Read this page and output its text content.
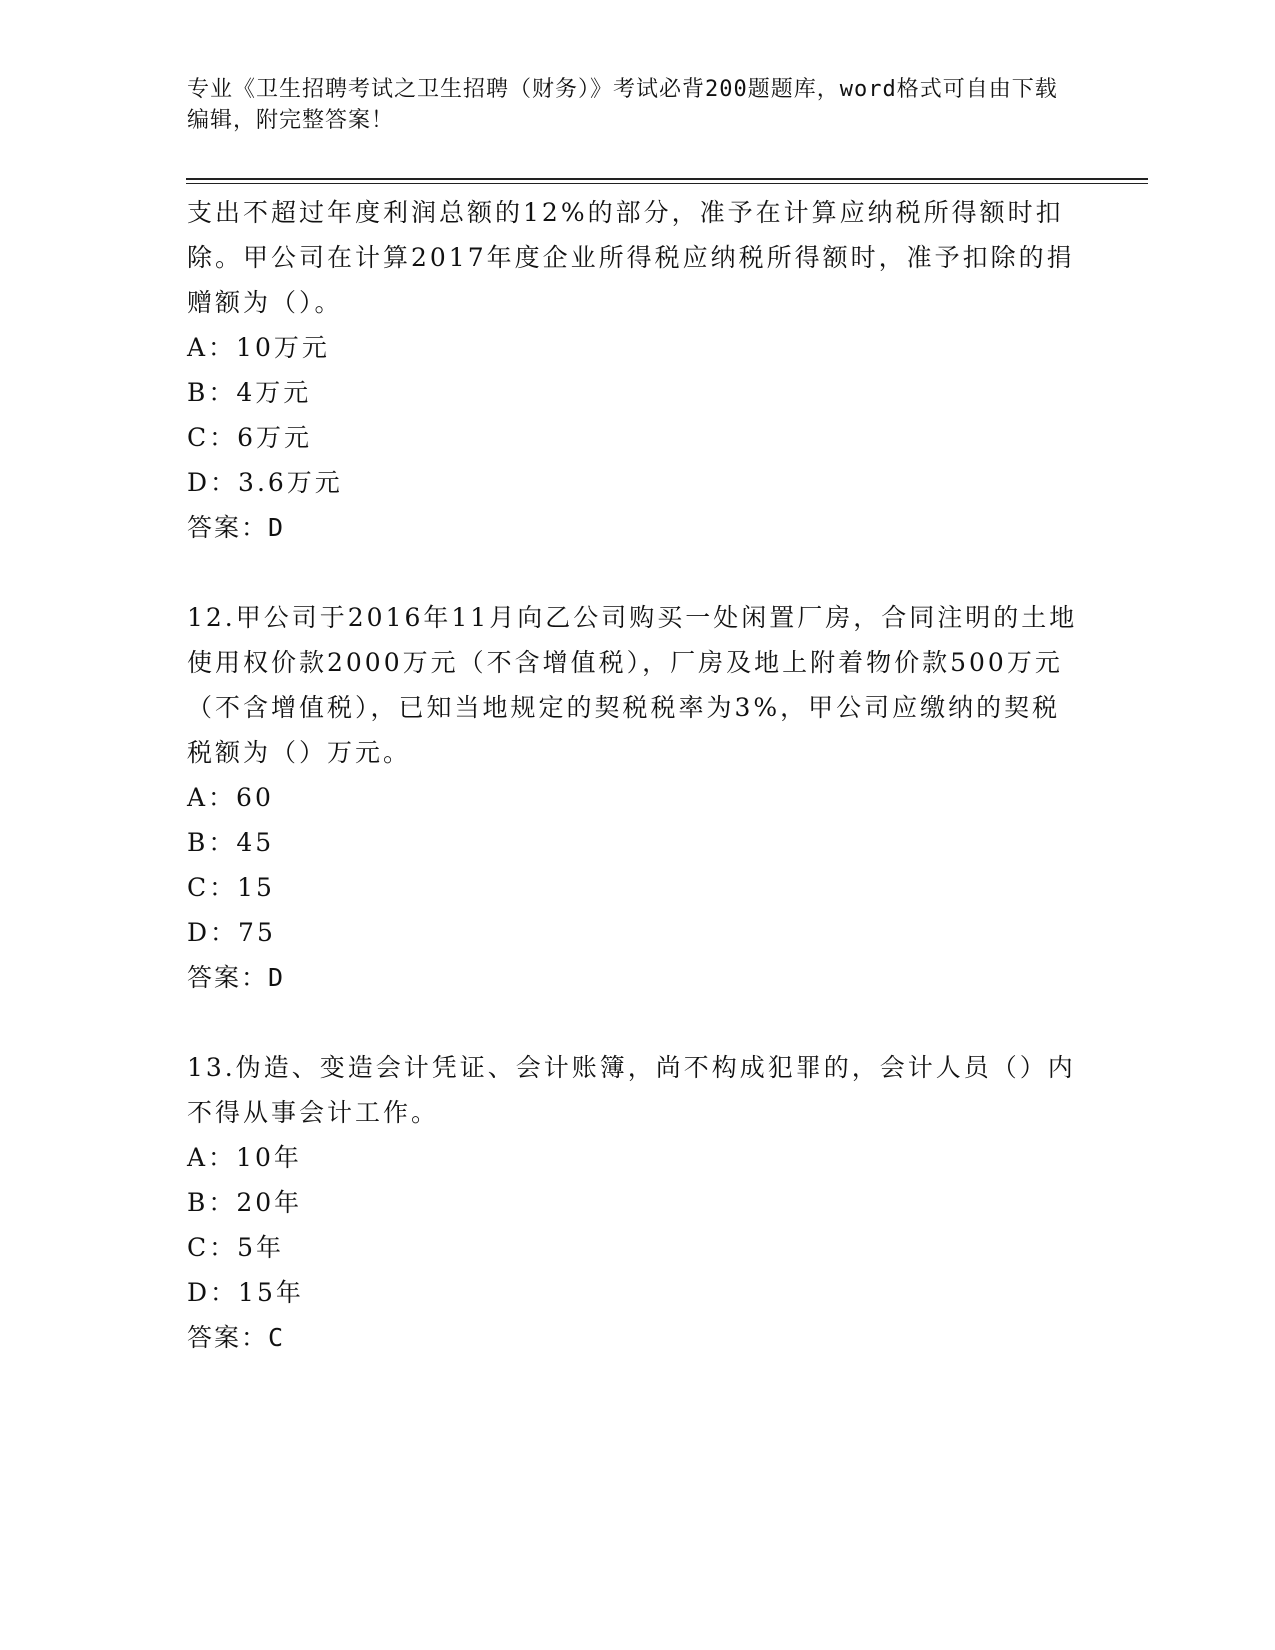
专业《卫生招聘考试之卫生招聘（财务）》考试必背200题题库，word格式可自由下载编辑，附完整答案！

支出不超过年度利润总额的12%的部分，准予在计算应纳税所得额时扣除。甲公司在计算2017年度企业所得税应纳税所得额时，准予扣除的捐赠额为（）。

A：10万元

B：4万元

C：6万元

D：3.6万元

答案：D

12.甲公司于2016年11月向乙公司购买一处闲置厂房，合同注明的土地使用权价款2000万元（不含增值税），厂房及地上附着物价款500万元（不含增值税），已知当地规定的契税税率为3%，甲公司应缴纳的契税税额为（）万元。

A：60

B：45

C：15

D：75

答案：D

13.伪造、变造会计凭证、会计账簿，尚不构成犯罪的，会计人员（）内不得从事会计工作。

A：10年

B：20年

C：5年

D：15年

答案：C
